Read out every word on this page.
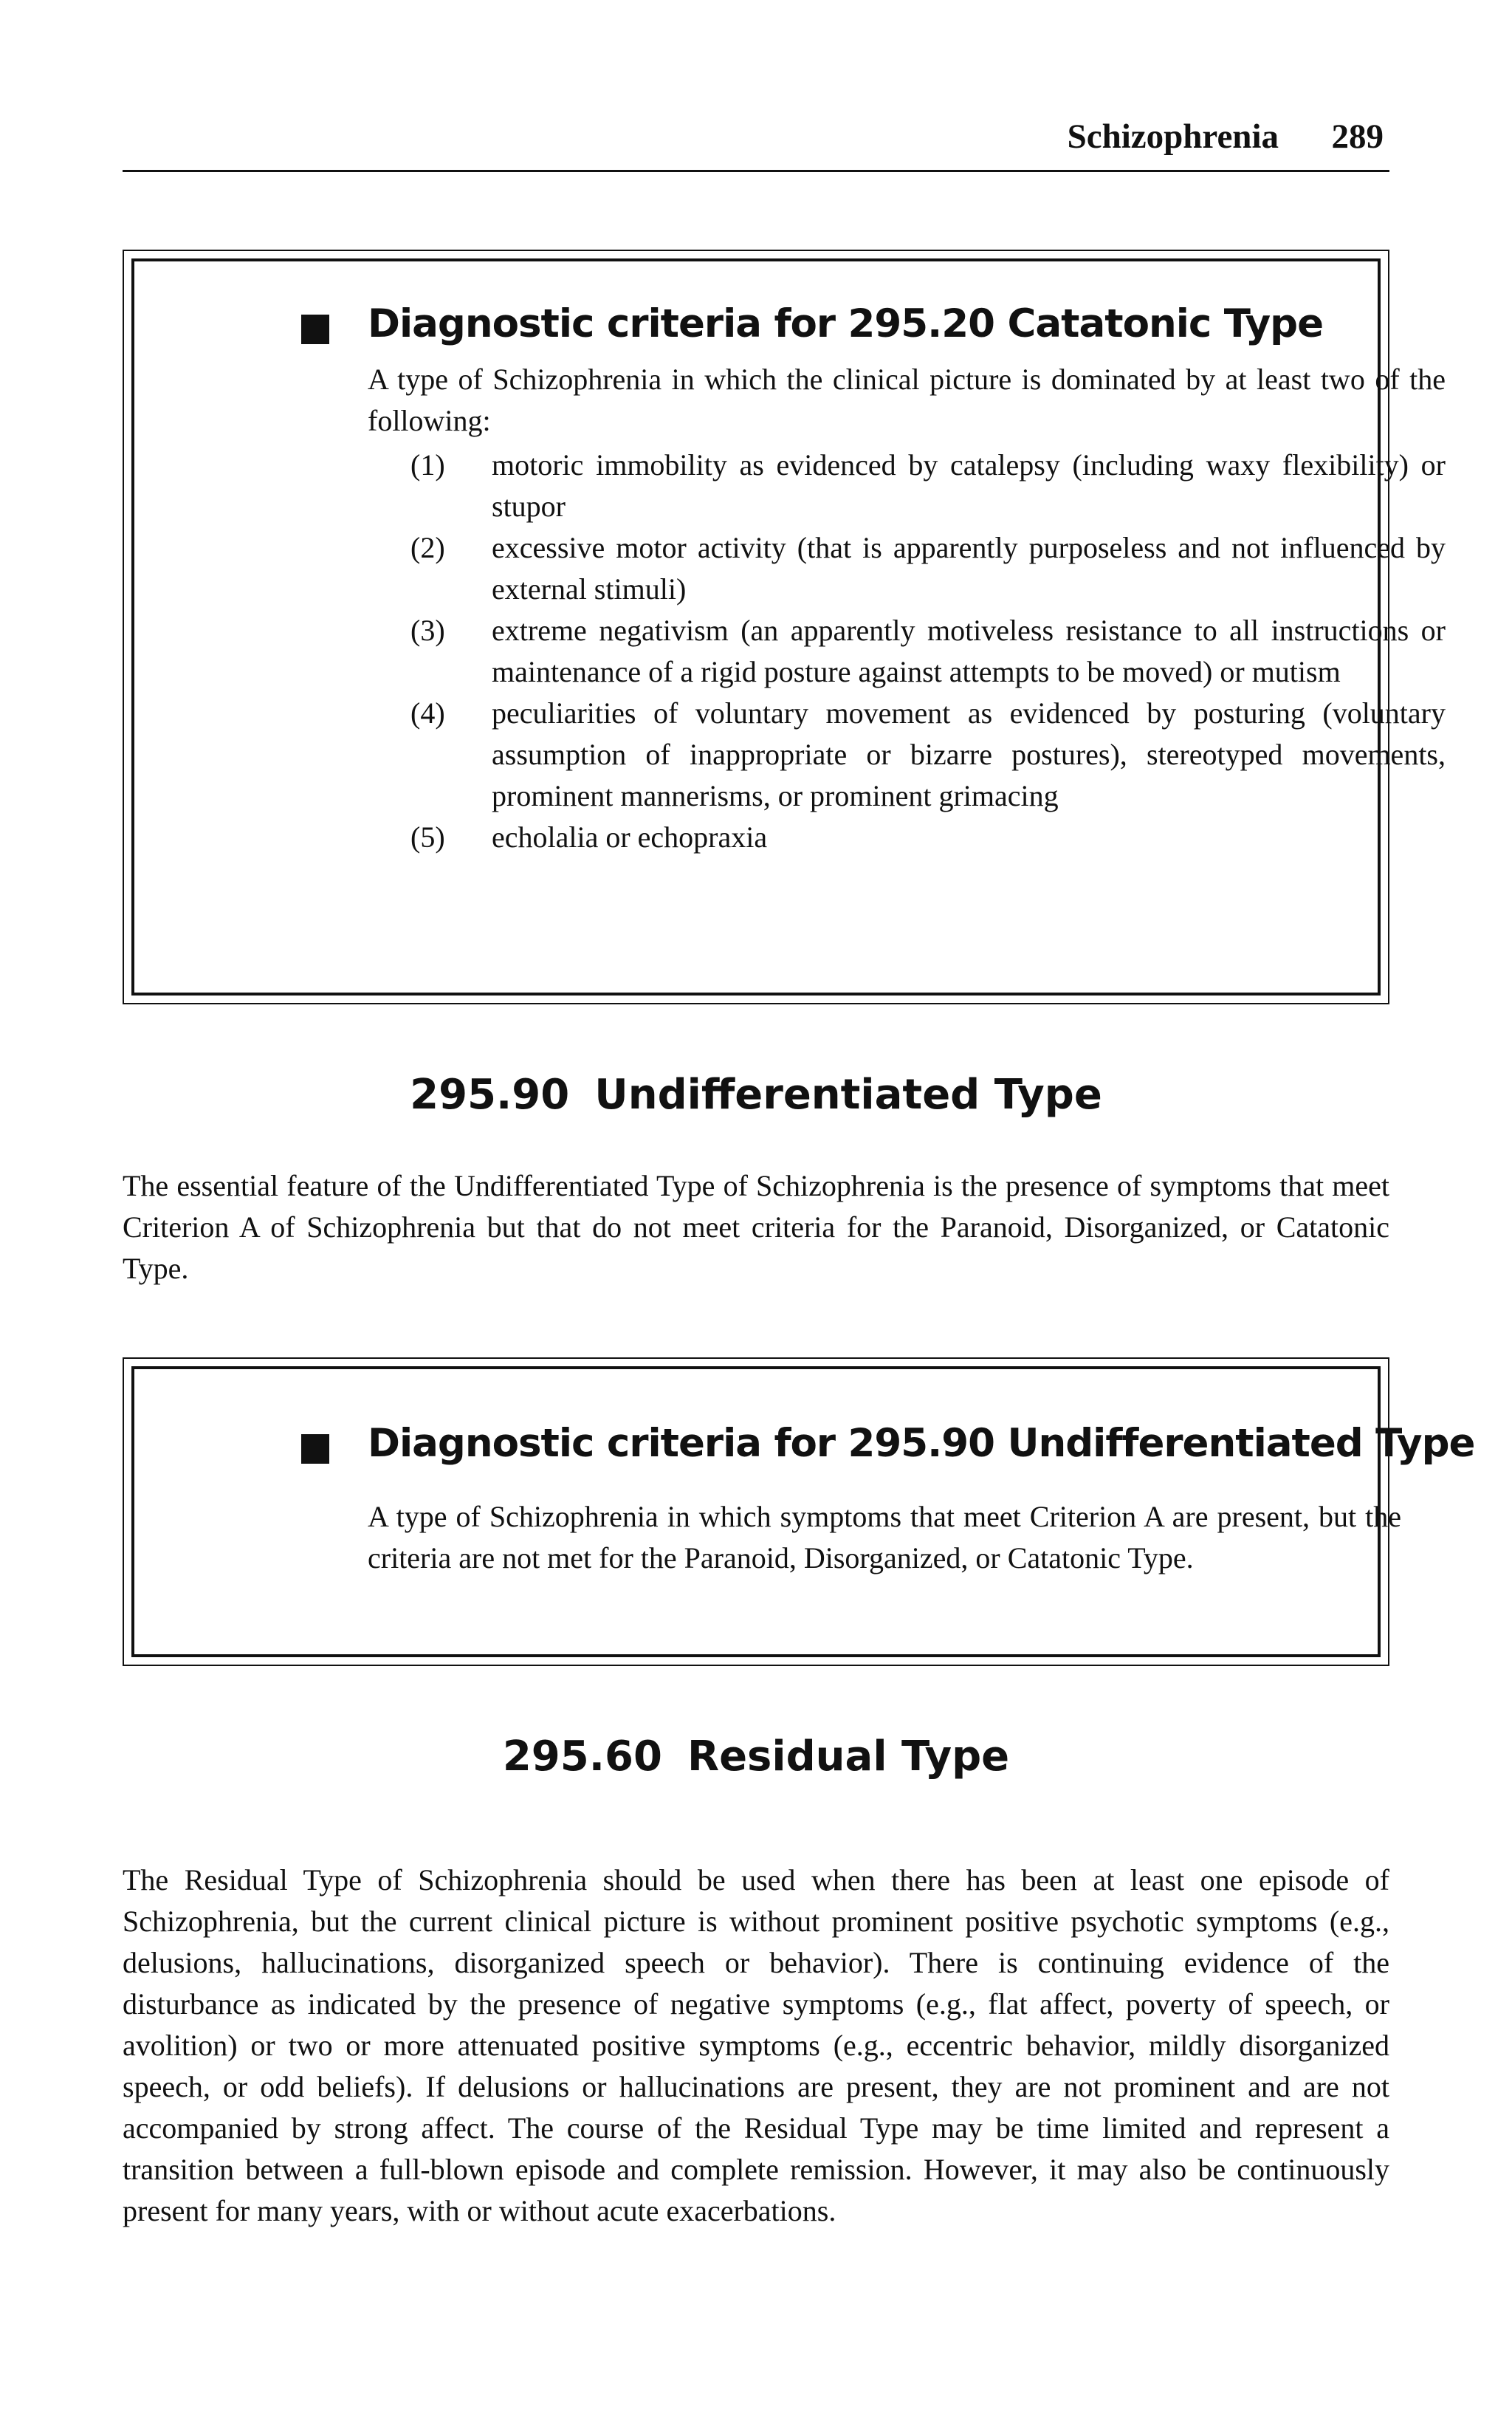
Schizophrenia 289
Diagnostic criteria for 295.20 Catatonic Type
A type of Schizophrenia in which the clinical picture is dominated by at least two of the following:
(1) motoric immobility as evidenced by catalepsy (including waxy flexibility) or stupor
(2) excessive motor activity (that is apparently purposeless and not influenced by external stimuli)
(3) extreme negativism (an apparently motiveless resistance to all instructions or maintenance of a rigid posture against attempts to be moved) or mutism
(4) peculiarities of voluntary movement as evidenced by posturing (voluntary assumption of inappropriate or bizarre postures), stereotyped movements, prominent mannerisms, or prominent grimacing
(5) echolalia or echopraxia
295.90 Undifferentiated Type
The essential feature of the Undifferentiated Type of Schizophrenia is the presence of symptoms that meet Criterion A of Schizophrenia but that do not meet criteria for the Paranoid, Disorganized, or Catatonic Type.
Diagnostic criteria for 295.90 Undifferentiated Type
A type of Schizophrenia in which symptoms that meet Criterion A are present, but the criteria are not met for the Paranoid, Disorganized, or Catatonic Type.
295.60 Residual Type
The Residual Type of Schizophrenia should be used when there has been at least one episode of Schizophrenia, but the current clinical picture is without prominent positive psychotic symptoms (e.g., delusions, hallucinations, disorganized speech or behavior). There is continuing evidence of the disturbance as indicated by the presence of negative symptoms (e.g., flat affect, poverty of speech, or avolition) or two or more attenuated positive symptoms (e.g., eccentric behavior, mildly disorganized speech, or odd beliefs). If delusions or hallucinations are present, they are not prominent and are not accompanied by strong affect. The course of the Residual Type may be time limited and represent a transition between a full-blown episode and complete remission. However, it may also be continuously present for many years, with or without acute exacerbations.
